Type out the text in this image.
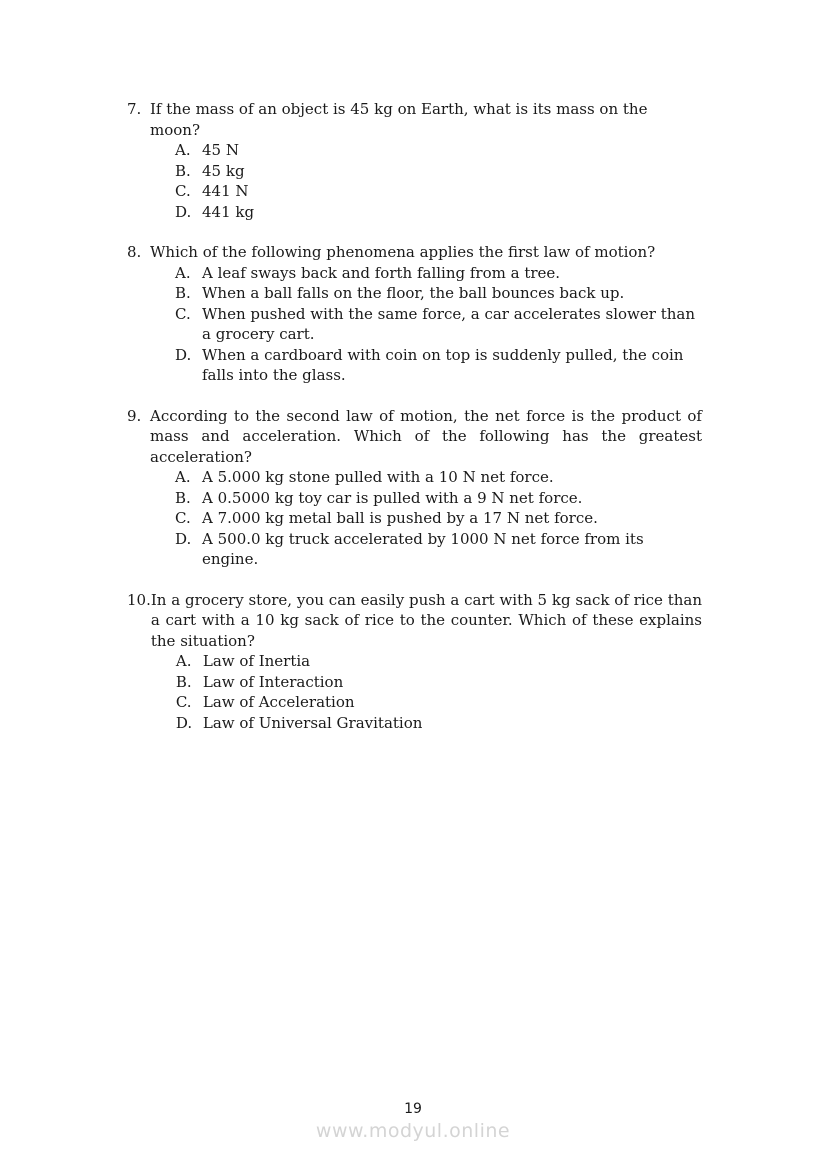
7. If the mass of an object is 45 kg on Earth, what is its mass on the moon?
A. 45 N
B. 45 kg
C. 441 N
D. 441 kg
8. Which of the following phenomena applies the first law of motion?
A. A leaf sways back and forth falling from a tree.
B. When a ball falls on the floor, the ball bounces back up.
C. When pushed with the same force, a car accelerates slower than a grocery cart.
D. When a cardboard with coin on top is suddenly pulled, the coin falls into the glass.
9. According to the second law of motion, the net force is the product of mass and acceleration. Which of the following has the greatest acceleration?
A. A 5.000 kg stone pulled with a 10 N net force.
B. A 0.5000 kg toy car is pulled with a 9 N net force.
C. A 7.000 kg metal ball is pushed by a 17 N net force.
D. A 500.0 kg truck accelerated by 1000 N net force from its engine.
10. In a grocery store, you can easily push a cart with 5 kg sack of rice than a cart with a 10 kg sack of rice to the counter. Which of these explains the situation?
A. Law of Inertia
B. Law of Interaction
C. Law of Acceleration
D. Law of Universal Gravitation
19
www.modyul.online
